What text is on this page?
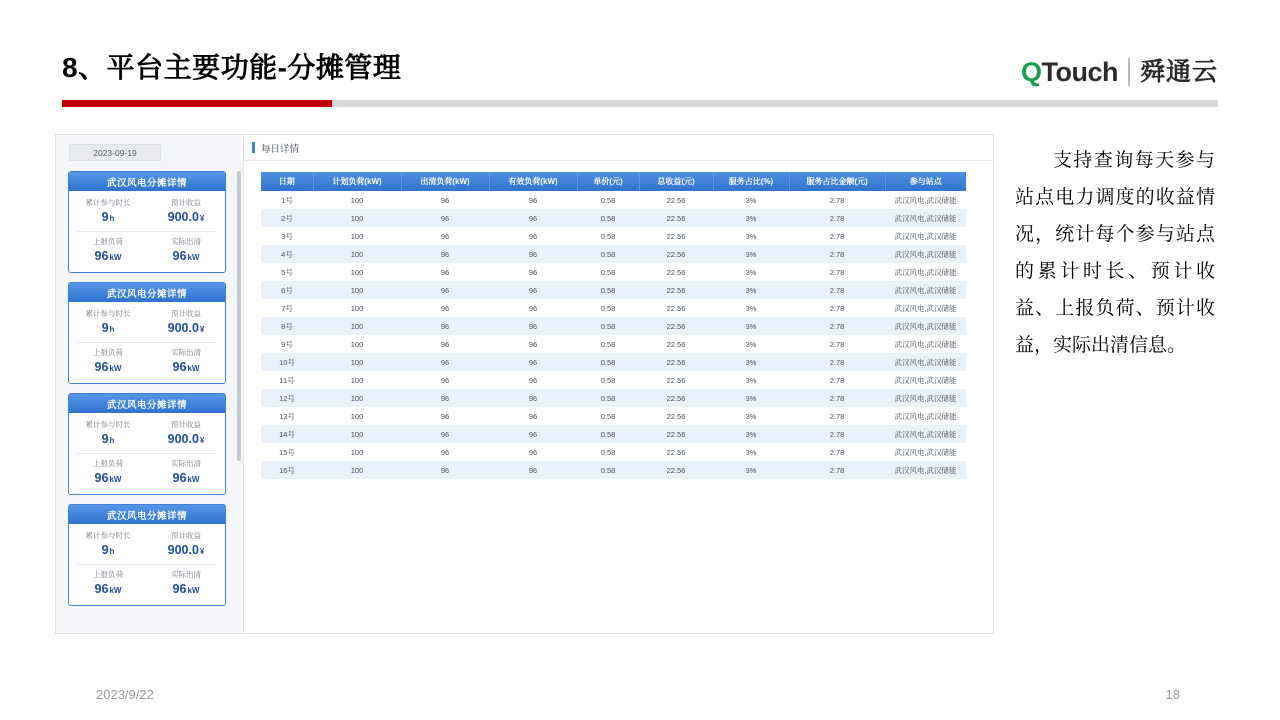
8、平台主要功能-分摊管理	Q Touch 舜通云
2023-09-19
武汉风电分摊详情
累计参与时长
9h
预计收益
900.0¥
上报负荷
96kW
实际出清
96kW
武汉风电分摊详情
累计参与时长
9h
预计收益
900.0¥
上报负荷
96kW
实际出清
96kW
武汉风电分摊详情
累计参与时长
9h
预计收益
900.0¥
上报负荷
96kW
实际出清
96kW
武汉风电分摊详情
累计参与时长
9h
预计收益
900.0¥
上报负荷
96kW
实际出清
96kW
每日详情
日期	计划负荷(kW)	出清负荷(kW)	有效负荷(kW)	单价(元)	总收益(元)	服务占比(%)	服务占比金额(元)	参与站点
1号	100	96	96	0.58	22.56	3%	2.78	武汉风电,武汉储能
2号	100	96	96	0.58	22.56	3%	2.78	武汉风电,武汉储能
3号	100	96	96	0.58	22.56	3%	2.78	武汉风电,武汉储能
4号	100	96	96	0.58	22.56	3%	2.78	武汉风电,武汉储能
5号	100	96	96	0.58	22.56	3%	2.78	武汉风电,武汉储能
6号	100	96	96	0.58	22.56	3%	2.78	武汉风电,武汉储能
7号	100	96	96	0.58	22.56	3%	2.78	武汉风电,武汉储能
8号	100	96	96	0.58	22.56	3%	2.78	武汉风电,武汉储能
9号	100	96	96	0.58	22.56	3%	2.78	武汉风电,武汉储能
10号	100	96	96	0.58	22.56	3%	2.78	武汉风电,武汉储能
11号	100	96	96	0.58	22.56	3%	2.78	武汉风电,武汉储能
12号	100	96	96	0.58	22.56	3%	2.78	武汉风电,武汉储能
13号	100	96	96	0.58	22.56	3%	2.78	武汉风电,武汉储能
14号	100	96	96	0.58	22.56	3%	2.78	武汉风电,武汉储能
15号	100	96	96	0.58	22.56	3%	2.78	武汉风电,武汉储能
16号	100	96	96	0.58	22.56	3%	2.78	武汉风电,武汉储能
支持查询每天参与站点电力调度的收益情况，统计每个参与站点的累计时长、预计收益、上报负荷、预计收益，实际出清信息。
2023/9/22	18
